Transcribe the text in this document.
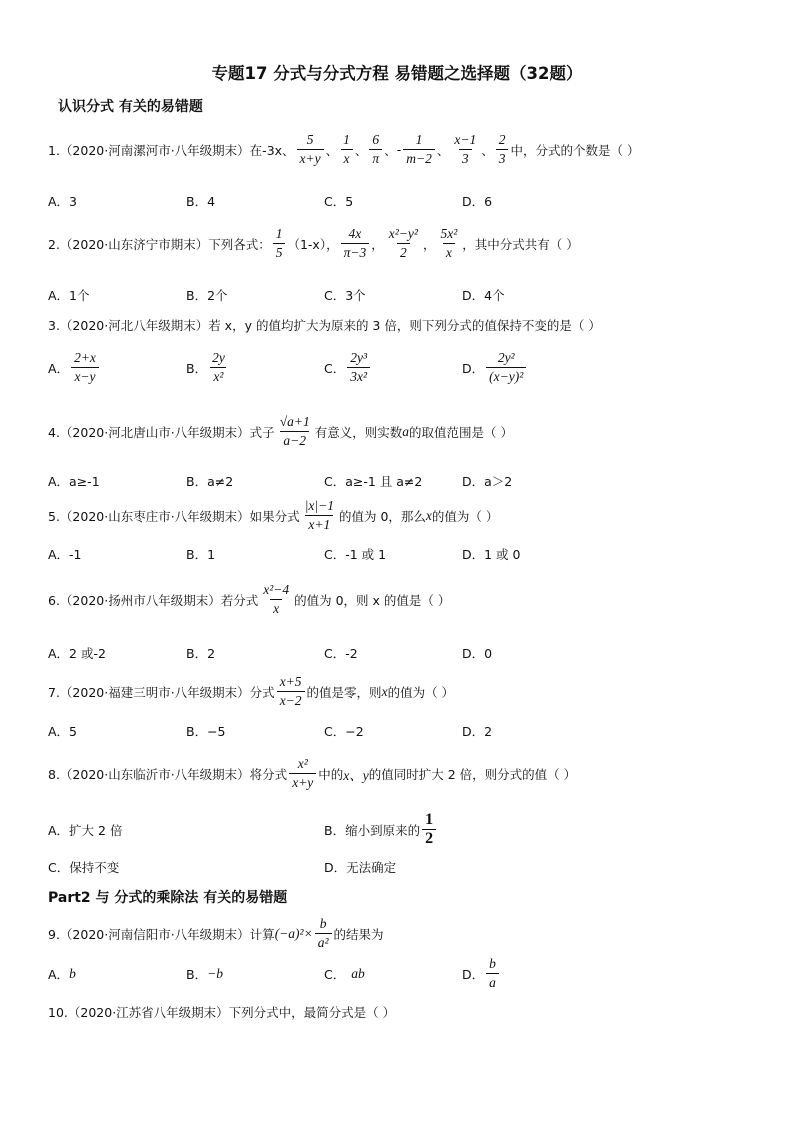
专题17 分式与分式方程 易错题之选择题（32题）
认识分式 有关的易错题
1.（2020·河南漯河市·八年级期末）在-3x、 $\frac{5}{x+y}$ 、 $\frac{1}{x}$ 、 $\frac{6}{\pi}$ 、 - $\frac{1}{m-2}$ 、 $\frac{x-1}{3}$ 、 $\frac{2}{3}$ 中，分式的个数是（ ）
A．3	B．4	C．5	D．6
2.（2020·山东济宁市期末）下列各式： $\frac{1}{5} (1-x)$， $\frac{4x}{\pi-3}$ ， $\frac{\text{x²−y²}}{2}$ ， $\frac{\text{5x²}}{x}$ ，其中分式共有（ ）
A．1个	B．2个	C．3个	D．4个
3.（2020·河北八年级期末）若 x，y 的值均扩大为原来的 3 倍，则下列分式的值保持不变的是（ ）
A． $\frac{2+x}{x-y}$	B． $\frac{2y}{\text{x²}}$	C． $\frac{\text{2y³}}{\text{3x²}}$	D． $\frac{\text{2y²}}{\text{(x−y)²}}$
4.（2020·河北唐山市·八年级期末）式子 $\frac{√a+1}{a-2}$ 有意义，则实数 a 的取值范围是（ ）
A．a≥-1	B．a≠2	C．a≥-1 且 a≠2	D．a＞2
5.（2020·山东枣庄市·八年级期末）如果分式 $\frac{|x|-1}{x+1}$ 的值为 0，那么 x 的值为（ ）
A．-1	B．1	C．-1 或 1	D．1 或 0
6.（2020·扬州市八年级期末）若分式 $\frac{\text{x²−4}}{x}$ 的值为 0，则 x 的值是（ ）
A．2 或-2	B．2	C．-2	D．0
7.（2020·福建三明市·八年级期末）分式 $\frac{x+5}{x-2}$ 的值是零，则 x 的值为（ ）
A．5	B．−5	C．−2	D．2
8.（2020·山东临沂市·八年级期末）将分式 $\frac{\text{x²}}{x+y}$ 中的 x、y 的值同时扩大 2 倍，则分式的值（ ）
A．扩大 2 倍	B．缩小到原来的 $\frac{1}{2}$
C．保持不变	D．无法确定
Part2 与 分式的乘除法 有关的易错题
9.（2020·河南信阳市·八年级期末）计算 $(-a)^2\times \frac{b}{\text{a²}}$ 的结果为
A． b	B． −b	C． ab	D． $\frac{b}{a}$
10.（2020·江苏省八年级期末）下列分式中，最简分式是（ ）
